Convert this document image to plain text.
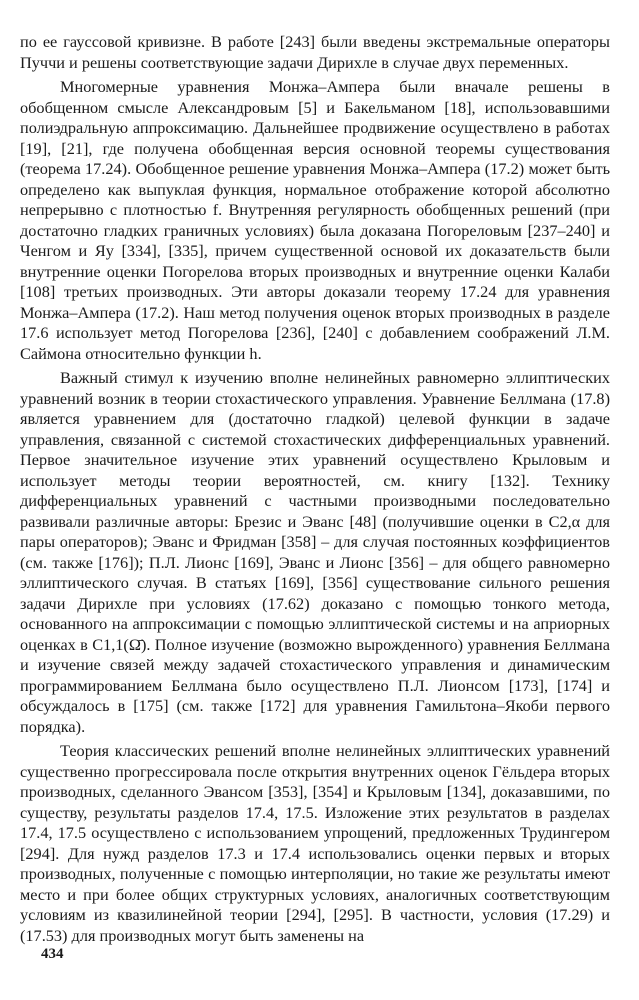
по ее гауссовой кривизне. В работе [243] были введены экстремальные операторы Пуччи и решены соответствующие задачи Дирихле в случае двух переменных.

Многомерные уравнения Монжа–Ампера были вначале решены в обобщенном смысле Александровым [5] и Бакельманом [18], использовавшими полиэдральную аппроксимацию. Дальнейшее продвижение осуществлено в работах [19], [21], где получена обобщенная версия основной теоремы существования (теорема 17.24). Обобщенное решение уравнения Монжа–Ампера (17.2) может быть определено как выпуклая функция, нормальное отображение которой абсолютно непрерывно с плотностью f. Внутренняя регулярность обобщенных решений (при достаточно гладких граничных условиях) была доказана Погореловым [237–240] и Ченгом и Яу [334], [335], причем существенной основой их доказательств были внутренние оценки Погорелова вторых производных и внутренние оценки Калаби [108] третьих производных. Эти авторы доказали теорему 17.24 для уравнения Монжа–Ампера (17.2). Наш метод получения оценок вторых производных в разделе 17.6 использует метод Погорелова [236], [240] с добавлением соображений Л.М. Саймона относительно функции h.

Важный стимул к изучению вполне нелинейных равномерно эллиптических уравнений возник в теории стохастического управления. Уравнение Беллмана (17.8) является уравнением для (достаточно гладкой) целевой функции в задаче управления, связанной с системой стохастических дифференциальных уравнений. Первое значительное изучение этих уравнений осуществлено Крыловым и использует методы теории вероятностей, см. книгу [132]. Технику дифференциальных уравнений с частными производными последовательно развивали различные авторы: Брезис и Эванс [48] (получившие оценки в C2,α для пары операторов); Эванс и Фридман [358] – для случая постоянных коэффициентов (см. также [176]); П.Л. Лионс [169], Эванс и Лионс [356] – для общего равномерно эллиптического случая. В статьях [169], [356] существование сильного решения задачи Дирихле при условиях (17.62) доказано с помощью тонкого метода, основанного на аппроксимации с помощью эллиптической системы и на априорных оценках в C1,1(Ω̄). Полное изучение (возможно вырожденного) уравнения Беллмана и изучение связей между задачей стохастического управления и динамическим программированием Беллмана было осуществлено П.Л. Лионсом [173], [174] и обсуждалось в [175] (см. также [172] для уравнения Гамильтона–Якоби первого порядка).

Теория классических решений вполне нелинейных эллиптических уравнений существенно прогрессировала после открытия внутренних оценок Гёльдера вторых производных, сделанного Эвансом [353], [354] и Крыловым [134], доказавшими, по существу, результаты разделов 17.4, 17.5. Изложение этих результатов в разделах 17.4, 17.5 осуществлено с использованием упрощений, предложенных Трудингером [294]. Для нужд разделов 17.3 и 17.4 использовались оценки первых и вторых производных, полученные с помощью интерполяции, но такие же результаты имеют место и при более общих структурных условиях, аналогичных соответствующим условиям из квазилинейной теории [294], [295]. В частности, условия (17.29) и (17.53) для производных могут быть заменены на

434
